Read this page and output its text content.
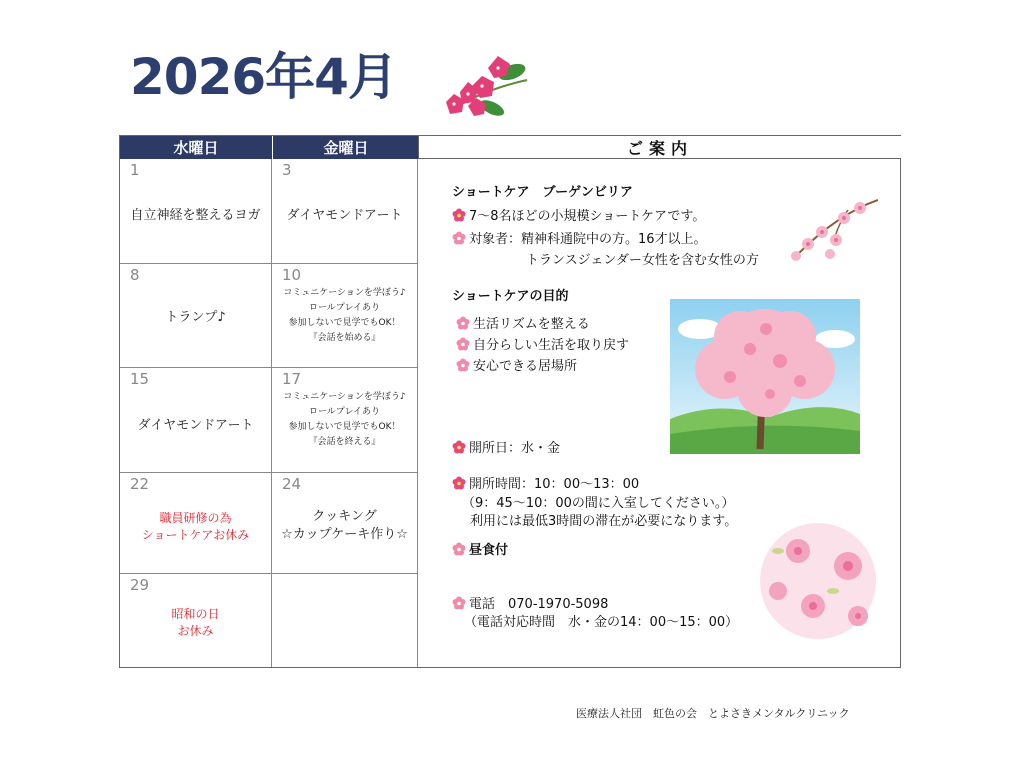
2026年4月
水曜日	金曜日	ご案内
1
自立神経を整えるヨガ
3
ダイヤモンドアート
8
トランプ♪
10
コミュニケーションを学ぼう♪
ロールプレイあり
参加しないで見学でもOK！
『会話を始める』
15
ダイヤモンドアート
17
コミュニケーションを学ぼう♪
ロールプレイあり
参加しないで見学でもOK！
『会話を終える』
22
職員研修の為
ショートケアお休み
24
クッキング
☆カップケーキ作り☆
29
昭和の日
お休み
ショートケア　ブーゲンビリア
7～8名ほどの小規模ショートケアです。
対象者：精神科通院中の方。16才以上。
トランスジェンダー女性を含む女性の方
ショートケアの目的
生活リズムを整える
自分らしい生活を取り戻す
安心できる居場所
開所日：水・金
開所時間：10：00～13：00
（9：45～10：00の間に入室してください。）
利用には最低3時間の滞在が必要になります。
昼食付
電話　070-1970-5098
（電話対応時間　水・金の14：00～15：00）
医療法人社団　虹色の会　とよさきメンタルクリニック
